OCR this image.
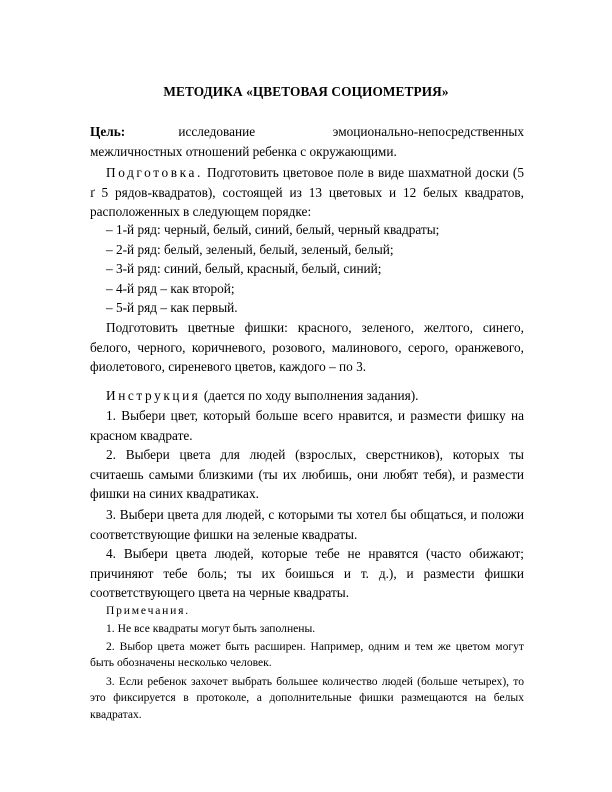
МЕТОДИКА «ЦВЕТОВАЯ СОЦИОМЕТРИЯ»

Цель:    	исследование эмоционально-непосредственных

межличностных отношений ребенка с окружающими.

Подготовка. Подготовить цветовое поле в виде шахматной доски (5 ґ 5 рядов-квадратов), состоящей из 13 цветовых и 12 белых квадратов, расположенных в следующем порядке:

– 1-й ряд: черный, белый, синий, белый, черный квадраты;

– 2-й ряд: белый, зеленый, белый, зеленый, белый;

– 3-й ряд: синий, белый, красный, белый, синий;

– 4-й ряд – как второй;

– 5-й ряд – как первый.

Подготовить цветные фишки: красного, зеленого, желтого, синего, белого, черного, коричневого, розового, малинового, серого, оранжевого, фиолетового, сиреневого цветов, каждого – по 3.
Инструкция (дается по ходу выполнения задания).
1. Выбери цвет, который больше всего нравится, и размести фишку на красном квадрате.
2. Выбери цвета для людей (взрослых, сверстников), которых ты считаешь самыми близкими (ты их любишь, они любят тебя), и размести фишки на синих квадратиках.
3. Выбери цвета для людей, с которыми ты хотел бы общаться, и положи соответствующие фишки на зеленые квадраты.
4. Выбери цвета людей, которые тебе не нравятся (часто обижают; причиняют тебе боль; ты их боишься и т. д.), и размести фишки соответствующего цвета на черные квадраты.
Примечания.
1. Не все квадраты могут быть заполнены.
2. Выбор цвета может быть расширен. Например, одним и тем же цветом могут быть обозначены несколько человек.
3. Если ребенок захочет выбрать большее количество людей (больше четырех), то это фиксируется в протоколе, а дополнительные фишки размещаются на белых квадратах.
